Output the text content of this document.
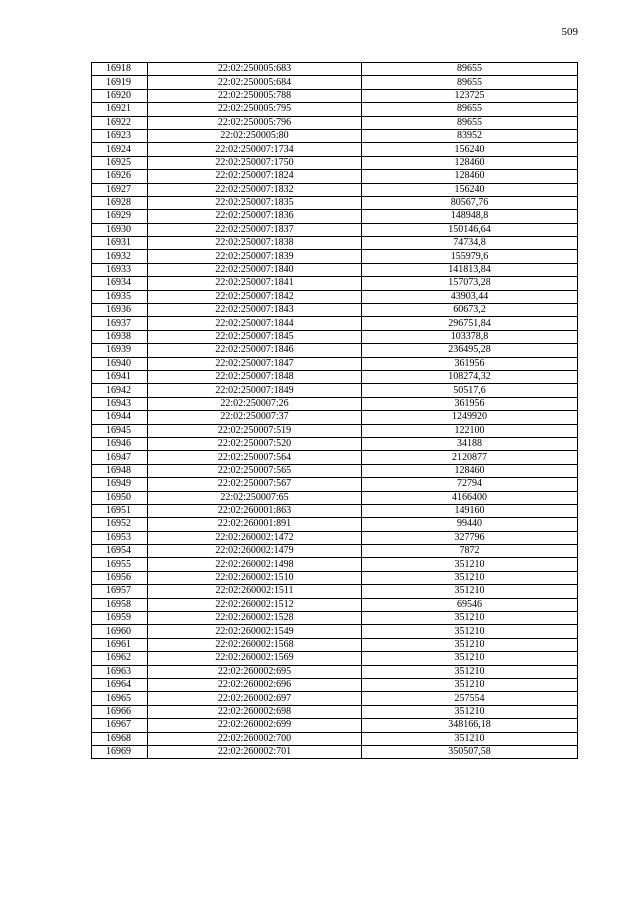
509
16918	22:02:250005:683	89655
16919	22:02:250005:684	89655
16920	22:02:250005:788	123725
16921	22:02:250005:795	89655
16922	22:02:250005:796	89655
16923	22:02:250005:80	83952
16924	22:02:250007:1734	156240
16925	22:02:250007:1750	128460
16926	22:02:250007:1824	128460
16927	22:02:250007:1832	156240
16928	22:02:250007:1835	80567,76
16929	22:02:250007:1836	148948,8
16930	22:02:250007:1837	150146,64
16931	22:02:250007:1838	74734,8
16932	22:02:250007:1839	155979,6
16933	22:02:250007:1840	141813,84
16934	22:02:250007:1841	157073,28
16935	22:02:250007:1842	43903,44
16936	22:02:250007:1843	60673,2
16937	22:02:250007:1844	296751,84
16938	22:02:250007:1845	103378,8
16939	22:02:250007:1846	236495,28
16940	22:02:250007:1847	361956
16941	22:02:250007:1848	108274,32
16942	22:02:250007:1849	50517,6
16943	22:02:250007:26	361956
16944	22:02:250007:37	1249920
16945	22:02:250007:519	122100
16946	22:02:250007:520	34188
16947	22:02:250007:564	2120877
16948	22:02:250007:565	128460
16949	22:02:250007:567	72794
16950	22:02:250007:65	4166400
16951	22:02:260001:863	149160
16952	22:02:260001:891	99440
16953	22:02:260002:1472	327796
16954	22:02:260002:1479	7872
16955	22:02:260002:1498	351210
16956	22:02:260002:1510	351210
16957	22:02:260002:1511	351210
16958	22:02:260002:1512	69546
16959	22:02:260002:1528	351210
16960	22:02:260002:1549	351210
16961	22:02:260002:1568	351210
16962	22:02:260002:1569	351210
16963	22:02:260002:695	351210
16964	22:02:260002:696	351210
16965	22:02:260002:697	257554
16966	22:02:260002:698	351210
16967	22:02:260002:699	348166,18
16968	22:02:260002:700	351210
16969	22:02:260002:701	350507,58
